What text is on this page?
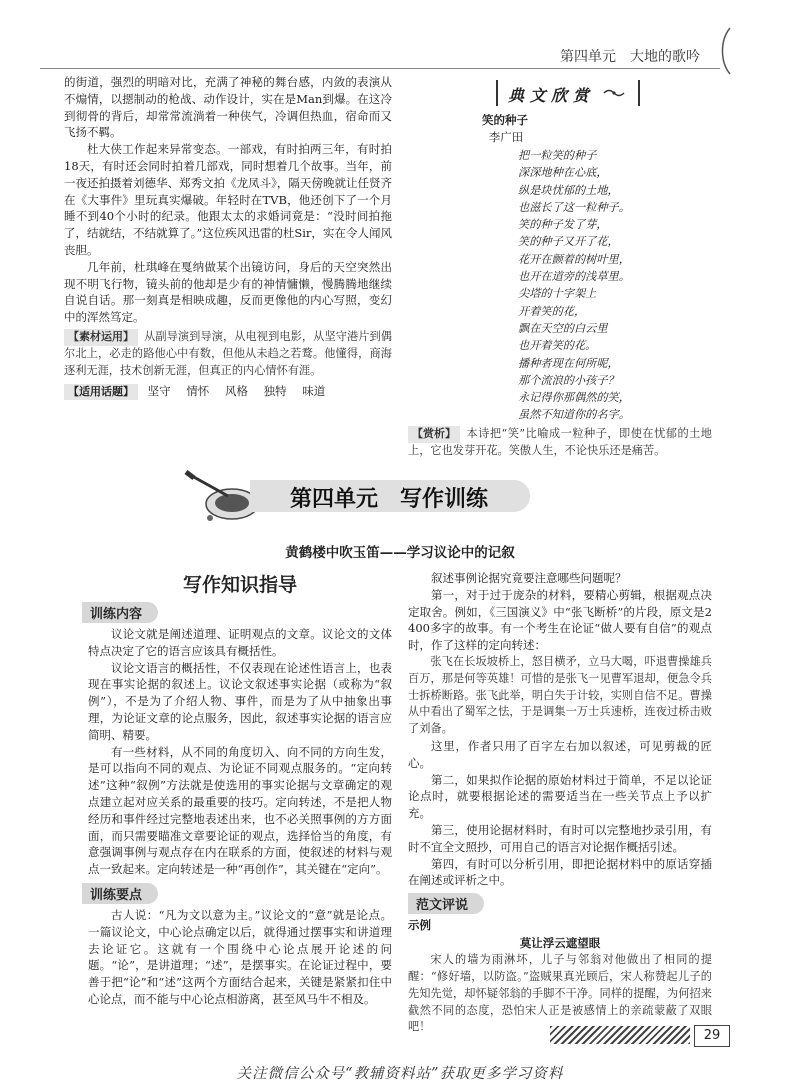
第四单元　大地的歌吟

的街道，强烈的明暗对比，充满了神秘的舞台感，内敛的表演从不煽情，以摁制动的枪战、动作设计，实在是Man到爆。在这冷到彻骨的背后，却常常流淌着一种侠气，冷调但热血，宿命而又飞扬不羁。

杜大侠工作起来异常变态。一部戏，有时拍两三年，有时拍18天，有时还会同时拍着几部戏，同时想着几个故事。当年，前一夜还拍摄着刘德华、郑秀文拍《龙凤斗》，隔天傍晚就让任贤齐在《大事件》里玩真实爆破。年轻时在TVB，他还创下了一个月睡不到40个小时的纪录。他跟太太的求婚词竟是：“没时间拍拖了，结就结，不结就算了。”这位疾风迅雷的杜Sir，实在令人闻风丧胆。

几年前，杜琪峰在戛纳做某个出镜访问，身后的天空突然出现不明飞行物，镜头前的他却是少有的神情慵懒，慢腾腾地继续自说自话。那一刻真是相映成趣，反而更像他的内心写照，变幻中的浑然笃定。

【素材运用】 从副导演到导演，从电视到电影，从坚守港片到偶尔北上，必走的路他心中有数，但他从未趋之若鹜。他懂得，商海逐利无涯，技术创新无涯，但真正的内心情怀有涯。

【适用话题】 坚守 情怀 风格 独特 味道
典 文 欣 赏
笑的种子
李广田
把一粒笑的种子
深深地种在心底，
纵是块忧郁的土地，
也滋长了这一粒种子。
笑的种子发了芽，
笑的种子又开了花，
花开在颤着的树叶里，
也开在道旁的浅草里。
尖塔的十字架上
开着笑的花，
飘在天空的白云里
也开着笑的花。
播种者现在何所呢，
那个流浪的小孩子？
永记得你那偶然的笑，
虽然不知道你的名字。

【赏析】 本诗把“笑”比喻成一粒种子，即使在忧郁的土地上，它也发芽开花。笑傲人生，不论快乐还是痛苦。

第四单元　写作训练
黄鹤楼中吹玉笛——学习议论中的记叙
写作知识指导
训练内容

议论文就是阐述道理、证明观点的文章。议论文的文体特点决定了它的语言应该具有概括性。

议论文语言的概括性，不仅表现在论述性语言上，也表现在事实论据的叙述上。议论文叙述事实论据（或称为“叙例”），不是为了介绍人物、事件，而是为了从中抽象出事理，为论证文章的论点服务，因此，叙述事实论据的语言应简明、精要。

有一些材料，从不同的角度切入、向不同的方向生发，是可以指向不同的观点、为论证不同观点服务的。“定向转述”这种“叙例”方法就是使选用的事实论据与文章确定的观点建立起对应关系的最重要的技巧。定向转述，不是把人物经历和事件经过完整地表述出来，也不必关照事例的方方面面，而只需要瞄准文章要论证的观点，选择恰当的角度，有意强调事例与观点存在内在联系的方面，使叙述的材料与观点一致起来。定向转述是一种“再创作”，其关键在“定向”。

训练要点

古人说：“凡为文以意为主。”议论文的“意”就是论点。一篇议论文，中心论点确定以后，就得通过摆事实和讲道理去论证它。这就有一个围绕中心论点展开论述的问题。“论”，是讲道理；“述”，是摆事实。在论证过程中，要善于把“论”和“述”这两个方面结合起来，关键是紧紧扣住中心论点，而不能与中心论点相游离，甚至风马牛不相及。

叙述事例论据究竟要注意哪些问题呢？

第一，对于过于庞杂的材料，要精心剪辑，根据观点决定取舍。例如，《三国演义》中“张飞断桥”的片段，原文是2 400多字的故事。有一个考生在论证“做人要有自信”的观点时，作了这样的定向转述：

张飞在长坂坡桥上，怒目横矛，立马大喝，吓退曹操雄兵百万，那是何等英雄！可惜的是张飞一见曹军退却，便急令兵士拆桥断路。张飞此举，明白失于计较，实则自信不足。曹操从中看出了蜀军之怯，于是调集一万士兵速桥，连夜过桥击败了刘备。

这里，作者只用了百字左右加以叙述，可见剪裁的匠心。

第二，如果拟作论据的原始材料过于简单，不足以论证论点时，就要根据论述的需要适当在一些关节点上予以扩充。

第三，使用论据材料时，有时可以完整地抄录引用，有时不宜全文照抄，可用自己的语言对论据作概括引述。

第四，有时可以分析引用，即把论据材料中的原话穿插在阐述或评析之中。

范文评说
示例
莫让浮云遮望眼

宋人的墙为雨淋坏，儿子与邻翁对他做出了相同的提醒：“修好墙，以防盗。”盗贼果真光顾后，宋人称赞起儿子的先知先觉，却怀疑邻翁的手脚不干净。同样的提醒，为何招来截然不同的态度，恐怕宋人正是被感情上的亲疏蒙蔽了双眼吧！

29
关注微信公众号“教辅资料站”获取更多学习资料
